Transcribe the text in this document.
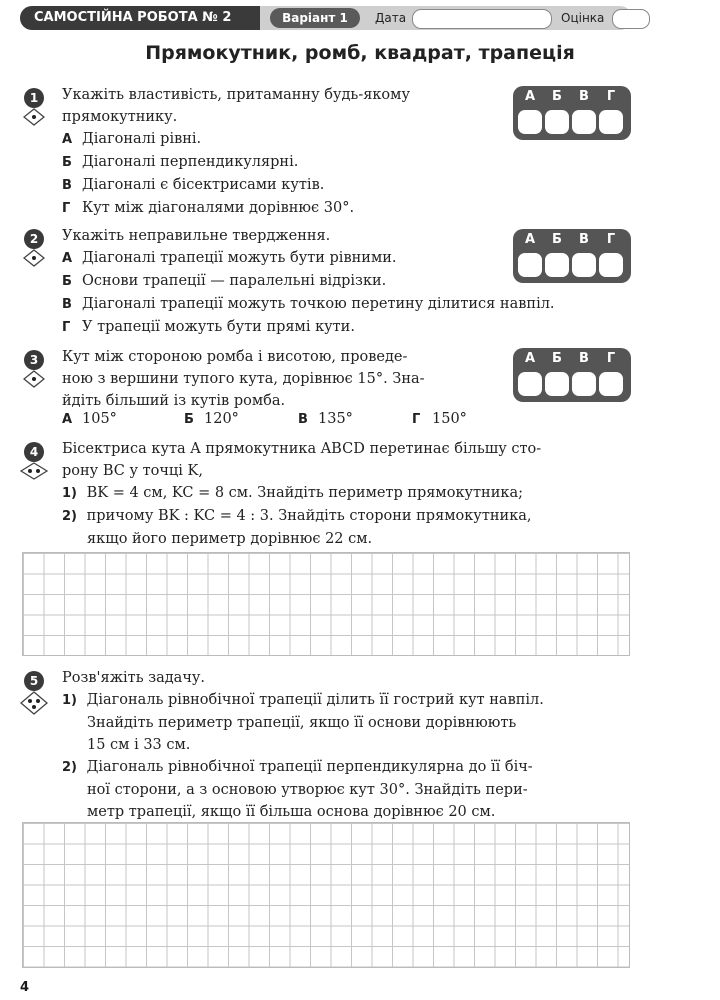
САМОСТІЙНА РОБОТА № 2	Варіант 1	Дата	Оцінка
Прямокутник, ромб, квадрат, трапеція
1	Укажіть властивість, притаманну будь-якому
прямокутнику.
А Діагоналі рівні.
Б Діагоналі перпендикулярні.
В Діагоналі є бісектрисами кутів.
Г Кут між діагоналями дорівнює 30°.
А	Б	В	Г
2	Укажіть неправильне твердження.
А Діагоналі трапеції можуть бути рівними.
Б Основи трапеції — паралельні відрізки.
В Діагоналі трапеції можуть точкою перетину ділитися навпіл.
Г У трапеції можуть бути прямі кути.
А	Б	В	Г
3	Кут між стороною ромба і висотою, проведе-
ною з вершини тупого кута, дорівнює 15°. Зна-
йдіть більший із кутів ромба.
А 105°	Б 120°	В 135°	Г 150°
А	Б	В	Г
4	Бісектриса кута A прямокутника ABCD перетинає більшу сто-
рону BC у точці K,
1) BK = 4 см, KC = 8 см. Знайдіть периметр прямокутника;
2) причому BK : KC = 4 : 3. Знайдіть сторони прямокутника,
якщо його периметр дорівнює 22 см.
5	Розв'яжіть задачу.
1) Діагональ рівнобічної трапеції ділить її гострий кут навпіл.
Знайдіть периметр трапеції, якщо її основи дорівнюють
15 см і 33 см.
2) Діагональ рівнобічної трапеції перпендикулярна до її біч-
ної сторони, а з основою утворює кут 30°. Знайдіть пери-
метр трапеції, якщо її більша основа дорівнює 20 см.
4
